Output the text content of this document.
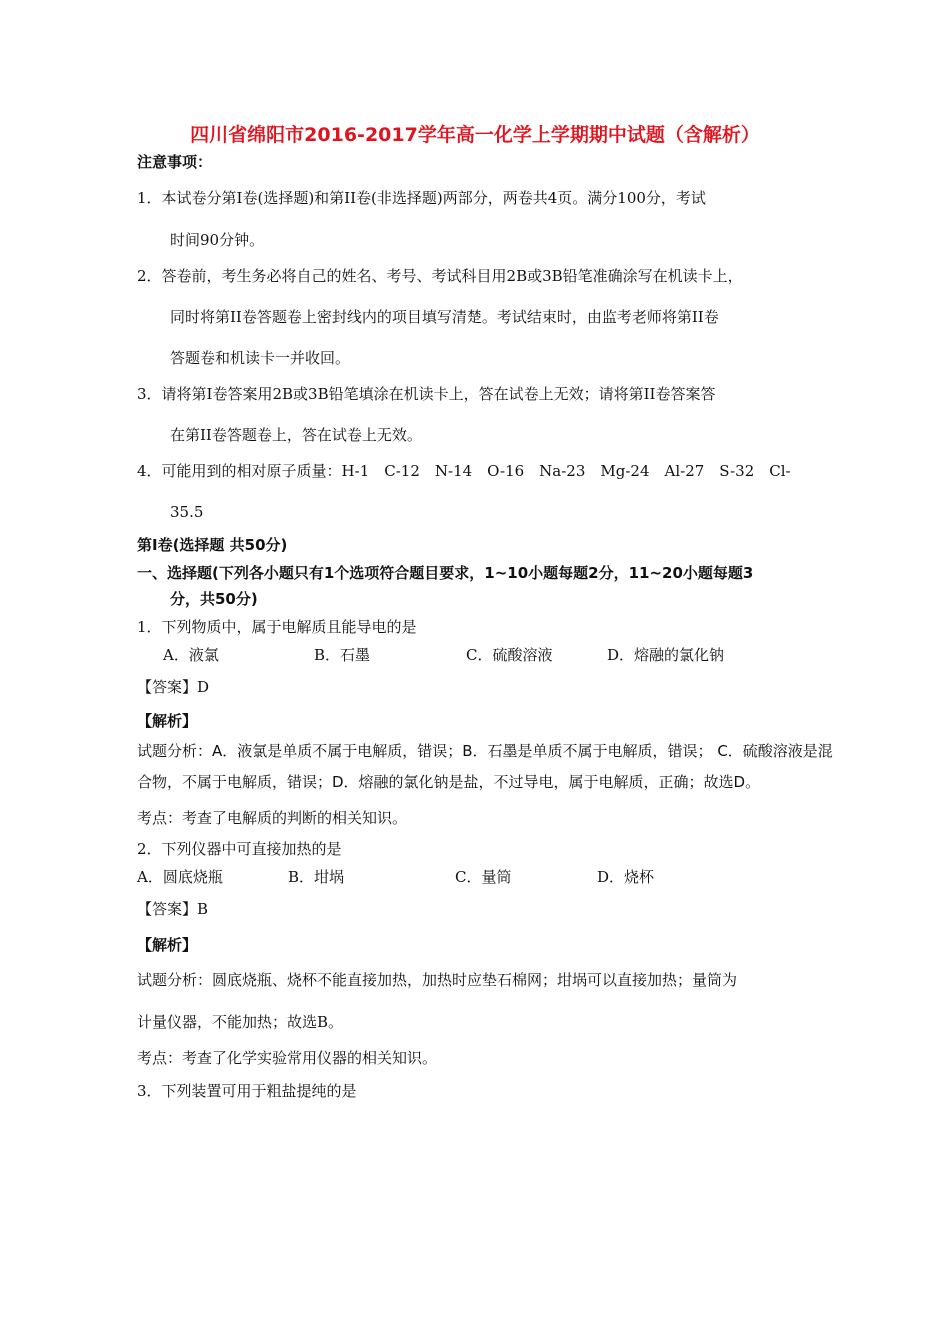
四川省绵阳市2016-2017学年高一化学上学期期中试题（含解析）
注意事项：
1．本试卷分第Ⅰ卷(选择题)和第II卷(非选择题)两部分，两卷共4页。满分100分，考试
时间90分钟。
2．答卷前，考生务必将自己的姓名、考号、考试科目用2B或3B铅笔准确涂写在机读卡上，
同时将第II卷答题卷上密封线内的项目填写清楚。考试结束时，由监考老师将第II卷
答题卷和机读卡一并收回。
3．请将第Ⅰ卷答案用2B或3B铅笔填涂在机读卡上，答在试卷上无效；请将第II卷答案答
在第II卷答题卷上，答在试卷上无效。
4．可能用到的相对原子质量：H-1　C-12　N-14　O-16　Na-23　Mg-24　Al-27　S-32　Cl-
35.5
第Ⅰ卷(选择题 共50分)
一、选择题(下列各小题只有1个选项符合题目要求，1~10小题每题2分，11~20小题每题3
分，共50分)
1．下列物质中，属于电解质且能导电的是
A．液氯	B．石墨	C．硫酸溶液	D．熔融的氯化钠
【答案】D
【解析】
试题分析：A．液氯是单质不属于电解质，错误；B．石墨是单质不属于电解质，错误； C．硫酸溶液是混
合物，不属于电解质，错误；D．熔融的氯化钠是盐，不过导电，属于电解质，正确；故选D。
考点：考查了电解质的判断的相关知识。
2．下列仪器中可直接加热的是
A．圆底烧瓶	B．坩埚	C．量筒	D．烧杯
【答案】B
【解析】
试题分析：圆底烧瓶、烧杯不能直接加热，加热时应垫石棉网；坩埚可以直接加热；量筒为
计量仪器，不能加热；故选B。
考点：考查了化学实验常用仪器的相关知识。
3．下列装置可用于粗盐提纯的是
